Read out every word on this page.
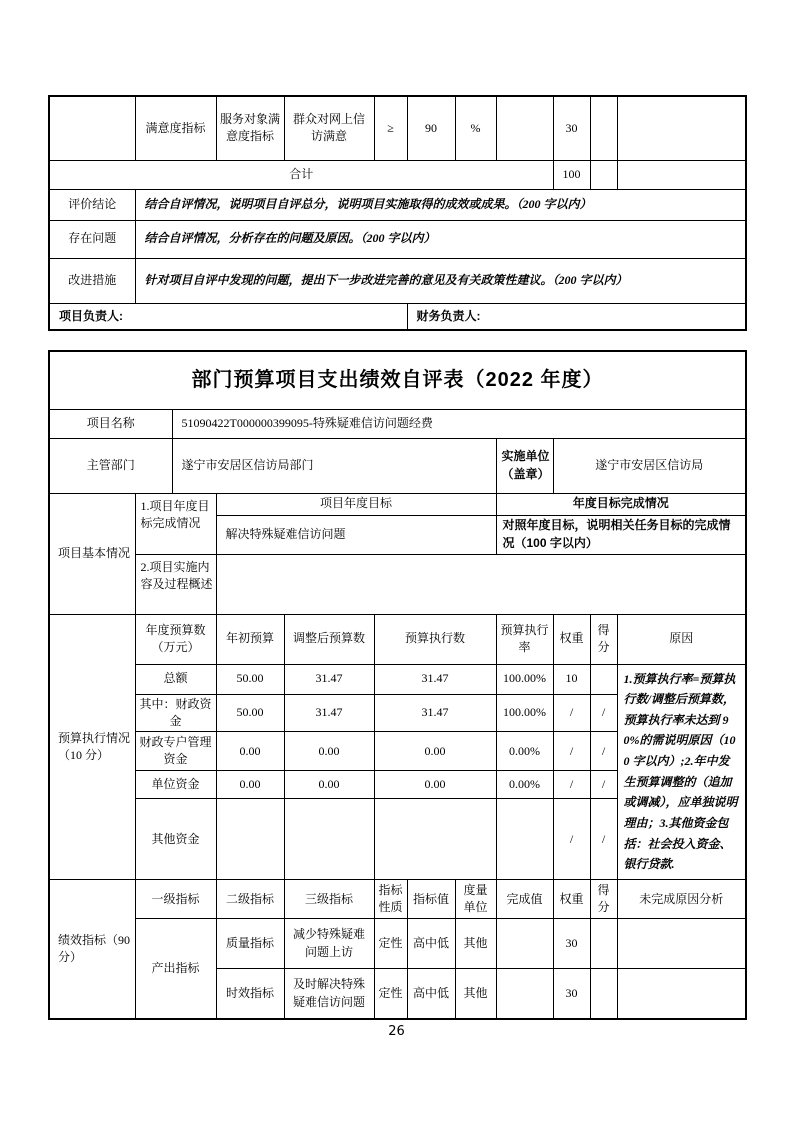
	满意度指标	服务对象满意度指标	群众对网上信访满意	≥	90	%		30		
合计								100		
评价结论	结合自评情况，说明项目自评总分，说明项目实施取得的成效或成果。（200 字以内）									
存在问题	结合自评情况，分析存在的问题及原因。（200 字以内）									
改进措施	针对项目自评中发现的问题，提出下一步改进完善的意见及有关政策性建议。（200 字以内）									
项目负责人:					财务负责人:					
部门预算项目支出绩效自评表（2022 年度）											
项目名称		51090422T000000399095-特殊疑难信访问题经费									
主管部门		遂宁市安居区信访局部门						实施单位（盖章）	遂宁市安居区信访局		
项目基本情况	1.项目年度目标完成情况		项目年度目标					年度目标完成情况			
			解决特殊疑难信访问题					对照年度目标，说明相关任务目标的完成情况（100 字以内）			
	2.项目实施内容及过程概述										
预算执行情况（10 分）	年度预算数（万元）		年初预算	调整后预算数	预算执行数			预算执行率	权重	得分	原因
	总额		50.00	31.47	31.47			100.00%	10		1.预算执行率=预算执行数/调整后预算数，预算执行率未达到 90%的需说明原因（100 字以内）;2.年中发生预算调整的（追加或调减），应单独说明理由；3.其他资金包括：社会投入资金、银行贷款.
	其中：财政资金		50.00	31.47	31.47			100.00%	/	/	
	财政专户管理资金		0.00	0.00	0.00			0.00%	/	/	
	单位资金		0.00	0.00	0.00			0.00%	/	/	
	其他资金								/	/	
绩效指标（90 分）	一级指标		二级指标	三级指标	指标性质	指标值	度量单位	完成值	权重	得分	未完成原因分析
	产出指标		质量指标	减少特殊疑难问题上访	定性	高中低	其他		30		
			时效指标	及时解决特殊疑难信访问题	定性	高中低	其他		30		
26
